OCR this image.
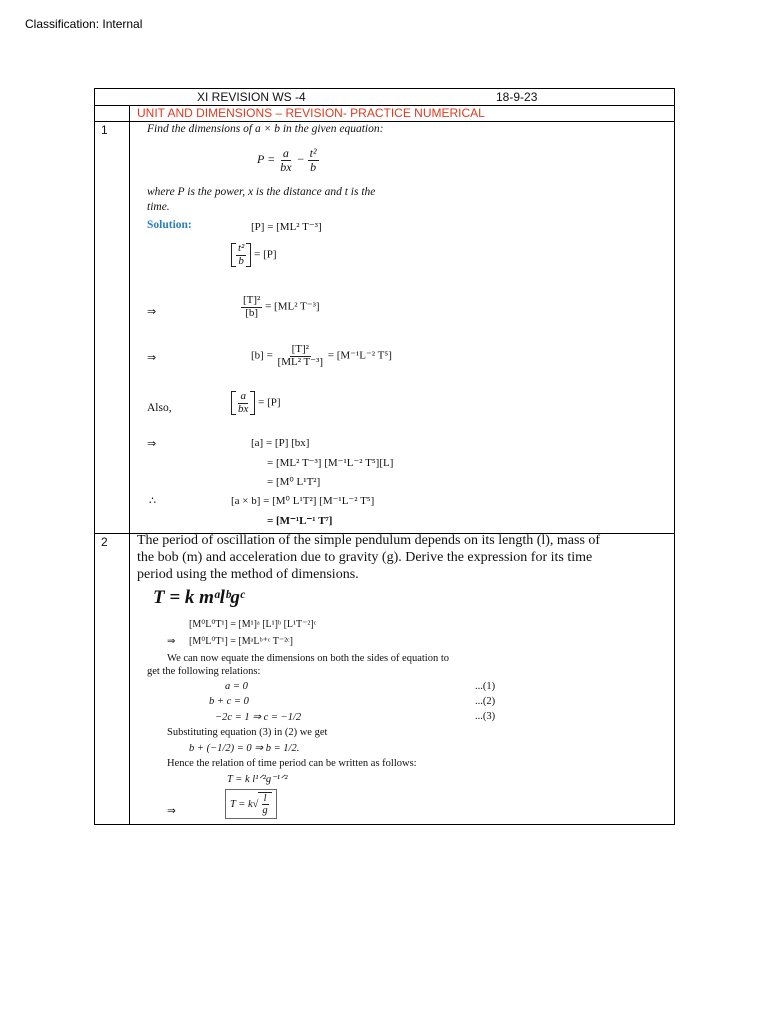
Classification: Internal
XI REVISION WS -4	18-9-23
UNIT AND DIMENSIONS – REVISION- PRACTICE NUMERICAL
1	Find the dimensions of a × b in the given equation:
$P = \frac{a}{bx} - \frac{\text{t²}}{b}$
where P is the power, x is the distance and t is the
time.
Solution:	[P] = [ML² T⁻³]
$\frac{\text{t²}}{b} = [P]$
⇒	$\frac{\text{[T]²}}{[b]} = [ML^2$ T⁻³]
⇒	$[b] = \frac{\text{[T]²}}{\text{[ML² T⁻³]}} = [M^{-1}L^{-2}$ T⁵]
Also,	$\frac{a}{bx} = [P]$
⇒	[a] = [P] [bx]
= [ML² T⁻³] [M⁻¹L⁻² T⁵][L]
= [M⁰ L¹T²]
∴	[a × b] = [M⁰ L¹T²] [M⁻¹L⁻² T⁵]
= [M⁻¹L⁻¹ T⁷]
2 The period of oscillation of the simple pendulum depends on its length (l), mass of
the bob (m) and acceleration due to gravity (g). Derive the expression for its time
period using the method of dimensions.
T = k mᵃlᵇgᶜ
[M⁰L⁰T¹] = [M¹]ᵃ [L¹]ᵇ [L¹T⁻²]ᶜ
⇒ [M⁰L⁰T¹] = [MᵃLᵇ⁺ᶜ T⁻²ᶜ]
We can now equate the dimensions on both the sides of equation to
get the following relations:
a = 0	...(1)
b + c = 0	...(2)
−2c = 1 ⇒ c = −1/2	...(3)
Substituting equation (3) in (2) we get
b + (−1/2) = 0 ⇒ b = 1/2.
Hence the relation of time period can be written as follows:
T = k l¹ᐟ²g⁻¹ᐟ²
⇒
T = k √ $\frac{l}{g}$
